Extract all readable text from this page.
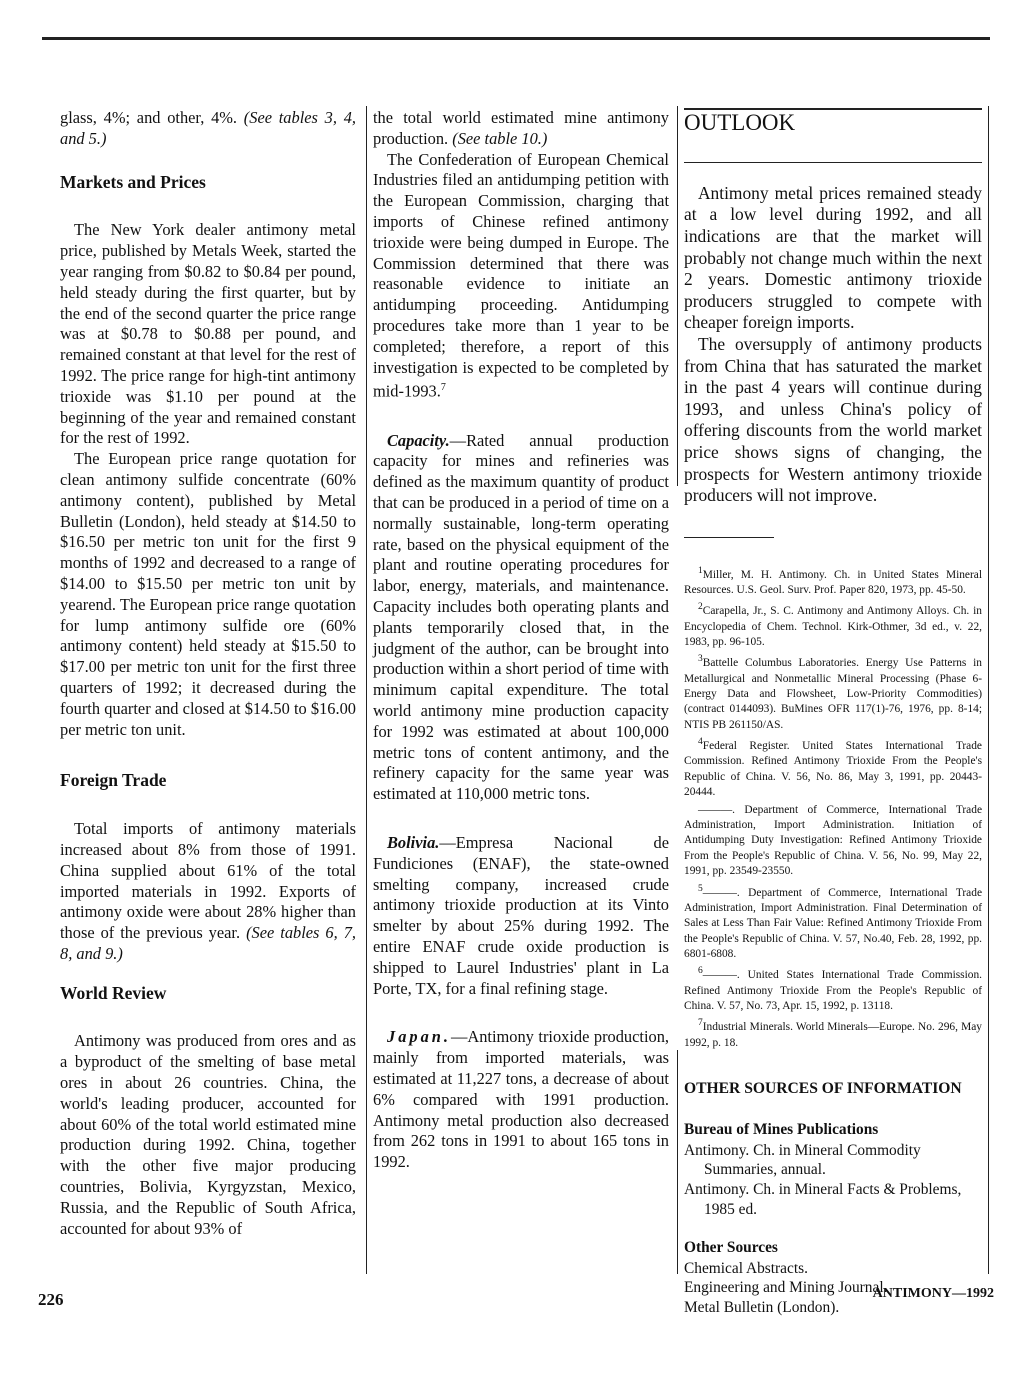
glass, 4%; and other, 4%. (See tables 3, 4, and 5.)

Markets and Prices

The New York dealer antimony metal price, published by Metals Week, started the year ranging from $0.82 to $0.84 per pound, held steady during the first quarter, but by the end of the second quarter the price range was at $0.78 to $0.88 per pound, and remained constant at that level for the rest of 1992. The price range for high-tint antimony trioxide was $1.10 per pound at the beginning of the year and remained constant for the rest of 1992.

The European price range quotation for clean antimony sulfide concentrate (60% antimony content), published by Metal Bulletin (London), held steady at $14.50 to $16.50 per metric ton unit for the first 9 months of 1992 and decreased to a range of $14.00 to $15.50 per metric ton unit by yearend. The European price range quotation for lump antimony sulfide ore (60% antimony content) held steady at $15.50 to $17.00 per metric ton unit for the first three quarters of 1992; it decreased during the fourth quarter and closed at $14.50 to $16.00 per metric ton unit.

Foreign Trade

Total imports of antimony materials increased about 8% from those of 1991. China supplied about 61% of the total imported materials in 1992. Exports of antimony oxide were about 28% higher than those of the previous year. (See tables 6, 7, 8, and 9.)

World Review

Antimony was produced from ores and as a byproduct of the smelting of base metal ores in about 26 countries. China, the world's leading producer, accounted for about 60% of the total world estimated mine production during 1992. China, together with the other five major producing countries, Bolivia, Kyrgyzstan, Mexico, Russia, and the Republic of South Africa, accounted for about 93% of

the total world estimated mine antimony production. (See table 10.)

The Confederation of European Chemical Industries filed an antidumping petition with the European Commission, charging that imports of Chinese refined antimony trioxide were being dumped in Europe. The Commission determined that there was reasonable evidence to initiate an antidumping proceeding. Antidumping procedures take more than 1 year to be completed; therefore, a report of this investigation is expected to be completed by mid-1993.$^7$

Capacity.—Rated annual production capacity for mines and refineries was defined as the maximum quantity of product that can be produced in a period of time on a normally sustainable, long-term operating rate, based on the physical equipment of the plant and routine operating procedures for labor, energy, materials, and maintenance. Capacity includes both operating plants and plants temporarily closed that, in the judgment of the author, can be brought into production within a short period of time with minimum capital expenditure. The total world antimony mine production capacity for 1992 was estimated at about 100,000 metric tons of content antimony, and the refinery capacity for the same year was estimated at 110,000 metric tons.

Bolivia.—Empresa Nacional de Fundiciones (ENAF), the state-owned smelting company, increased crude antimony trioxide production at its Vinto smelter by about 25% during 1992. The entire ENAF crude oxide production is shipped to Laurel Industries' plant in La Porte, TX, for a final refining stage.

Japan.—Antimony trioxide production, mainly from imported materials, was estimated at 11,227 tons, a decrease of about 6% compared with 1991 production. Antimony metal production also decreased from 262 tons in 1991 to about 165 tons in 1992.

OUTLOOK

Antimony metal prices remained steady at a low level during 1992, and all indications are that the market will probably not change much within the next 2 years. Domestic antimony trioxide producers struggled to compete with cheaper foreign imports.

The oversupply of antimony products from China that has saturated the market in the past 4 years will continue during 1993, and unless China's policy of offering discounts from the world market price shows signs of changing, the prospects for Western antimony trioxide producers will not improve.

$^1$Miller, M. H. Antimony. Ch. in United States Mineral Resources. U.S. Geol. Surv. Prof. Paper 820, 1973, pp. 45-50.

$^2$Carapella, Jr., S. C. Antimony and Antimony Alloys. Ch. in Encyclopedia of Chem. Technol. Kirk-Othmer, 3d ed., v. 22, 1983, pp. 96-105.

$^3$Battelle Columbus Laboratories. Energy Use Patterns in Metallurgical and Nonmetallic Mineral Processing (Phase 6-Energy Data and Flowsheet, Low-Priority Commodities) (contract 0144093). BuMines OFR 117(1)-76, 1976, pp. 8-14; NTIS PB 261150/AS.

$^4$Federal Register. United States International Trade Commission. Refined Antimony Trioxide From the People's Republic of China. V. 56, No. 86, May 3, 1991, pp. 20443-20444.

———. Department of Commerce, International Trade Administration, Import Administration. Initiation of Antidumping Duty Investigation: Refined Antimony Trioxide From the People's Republic of China. V. 56, No. 99, May 22, 1991, pp. 23549-23550.

$^5$———. Department of Commerce, International Trade Administration, Import Administration. Final Determination of Sales at Less Than Fair Value: Refined Antimony Trioxide From the People's Republic of China. V. 57, No.40, Feb. 28, 1992, pp. 6801-6808.

$^6$———. United States International Trade Commission. Refined Antimony Trioxide From the People's Republic of China. V. 57, No. 73, Apr. 15, 1992, p. 13118.

$^7$Industrial Minerals. World Minerals—Europe. No. 296, May 1992, p. 18.

OTHER SOURCES OF INFORMATION
Bureau of Mines Publications
Antimony. Ch. in Mineral Commodity Summaries, annual.
Antimony. Ch. in Mineral Facts & Problems, 1985 ed.
Other Sources
Chemical Abstracts.
Engineering and Mining Journal.
Metal Bulletin (London).
226	ANTIMONY—1992
